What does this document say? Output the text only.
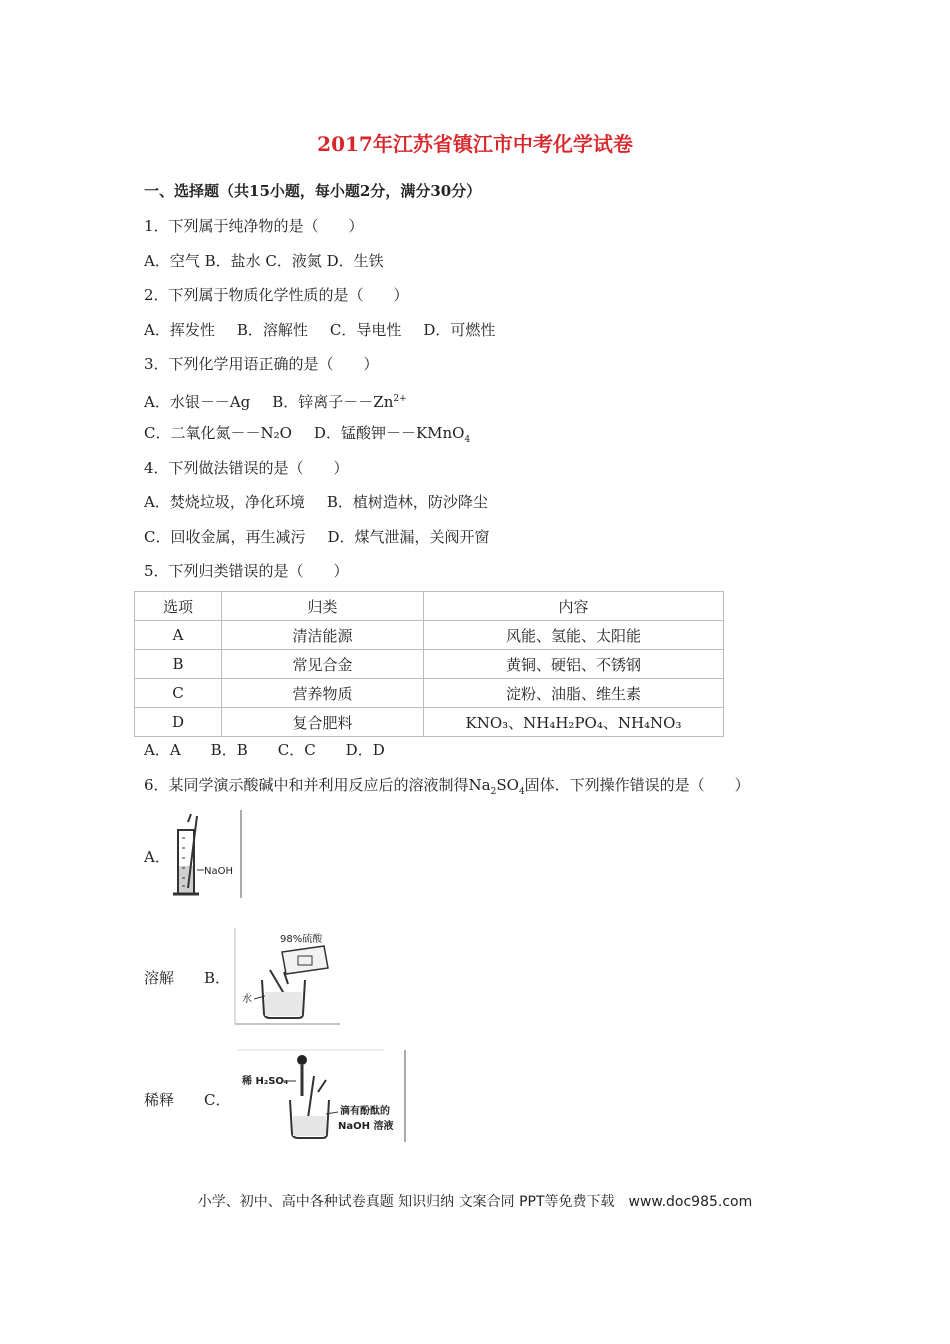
2017年江苏省镇江市中考化学试卷
一、选择题（共15小题，每小题2分，满分30分）
1．下列属于纯净物的是（　　）
A．空气 B．盐水 C．液氮 D．生铁
2．下列属于物质化学性质的是（　　）
A．挥发性 B．溶解性 C．导电性 D．可燃性
3．下列化学用语正确的是（　　）
A．水银－－Ag B．锌离子$--Zn^{2+}$
C．二氧化氮－－N₂O D．锰酸钾－－KMnO$_4$
4．下列做法错误的是（　　）
A．焚烧垃圾，净化环境 B．植树造林，防沙降尘
C．回收金属，再生减污 D．煤气泄漏，关阀开窗
5．下列归类错误的是（　　）
选项	归类	内容
A	清洁能源	风能、氢能、太阳能
B	常见合金	黄铜、硬铝、不锈钢
C	营养物质	淀粉、油脂、维生素
D	复合肥料	KNO₃、NH₄H₂PO₄、NH₄NO₃
A．A　　B．B　　C．C　　D．D
6．某同学演示酸碱中和并利用反应后的溶液制得$Na_2SO_4$固体．下列操作错误的是（　　）
A．
NaOH
溶解 B．
98%硫酸
水
稀释 C．
稀 H₂SO₄
滴有酚酞的
NaOH 溶液
小学、初中、高中各种试卷真题 知识归纳 文案合同 PPT等免费下载　www.doc985.com
